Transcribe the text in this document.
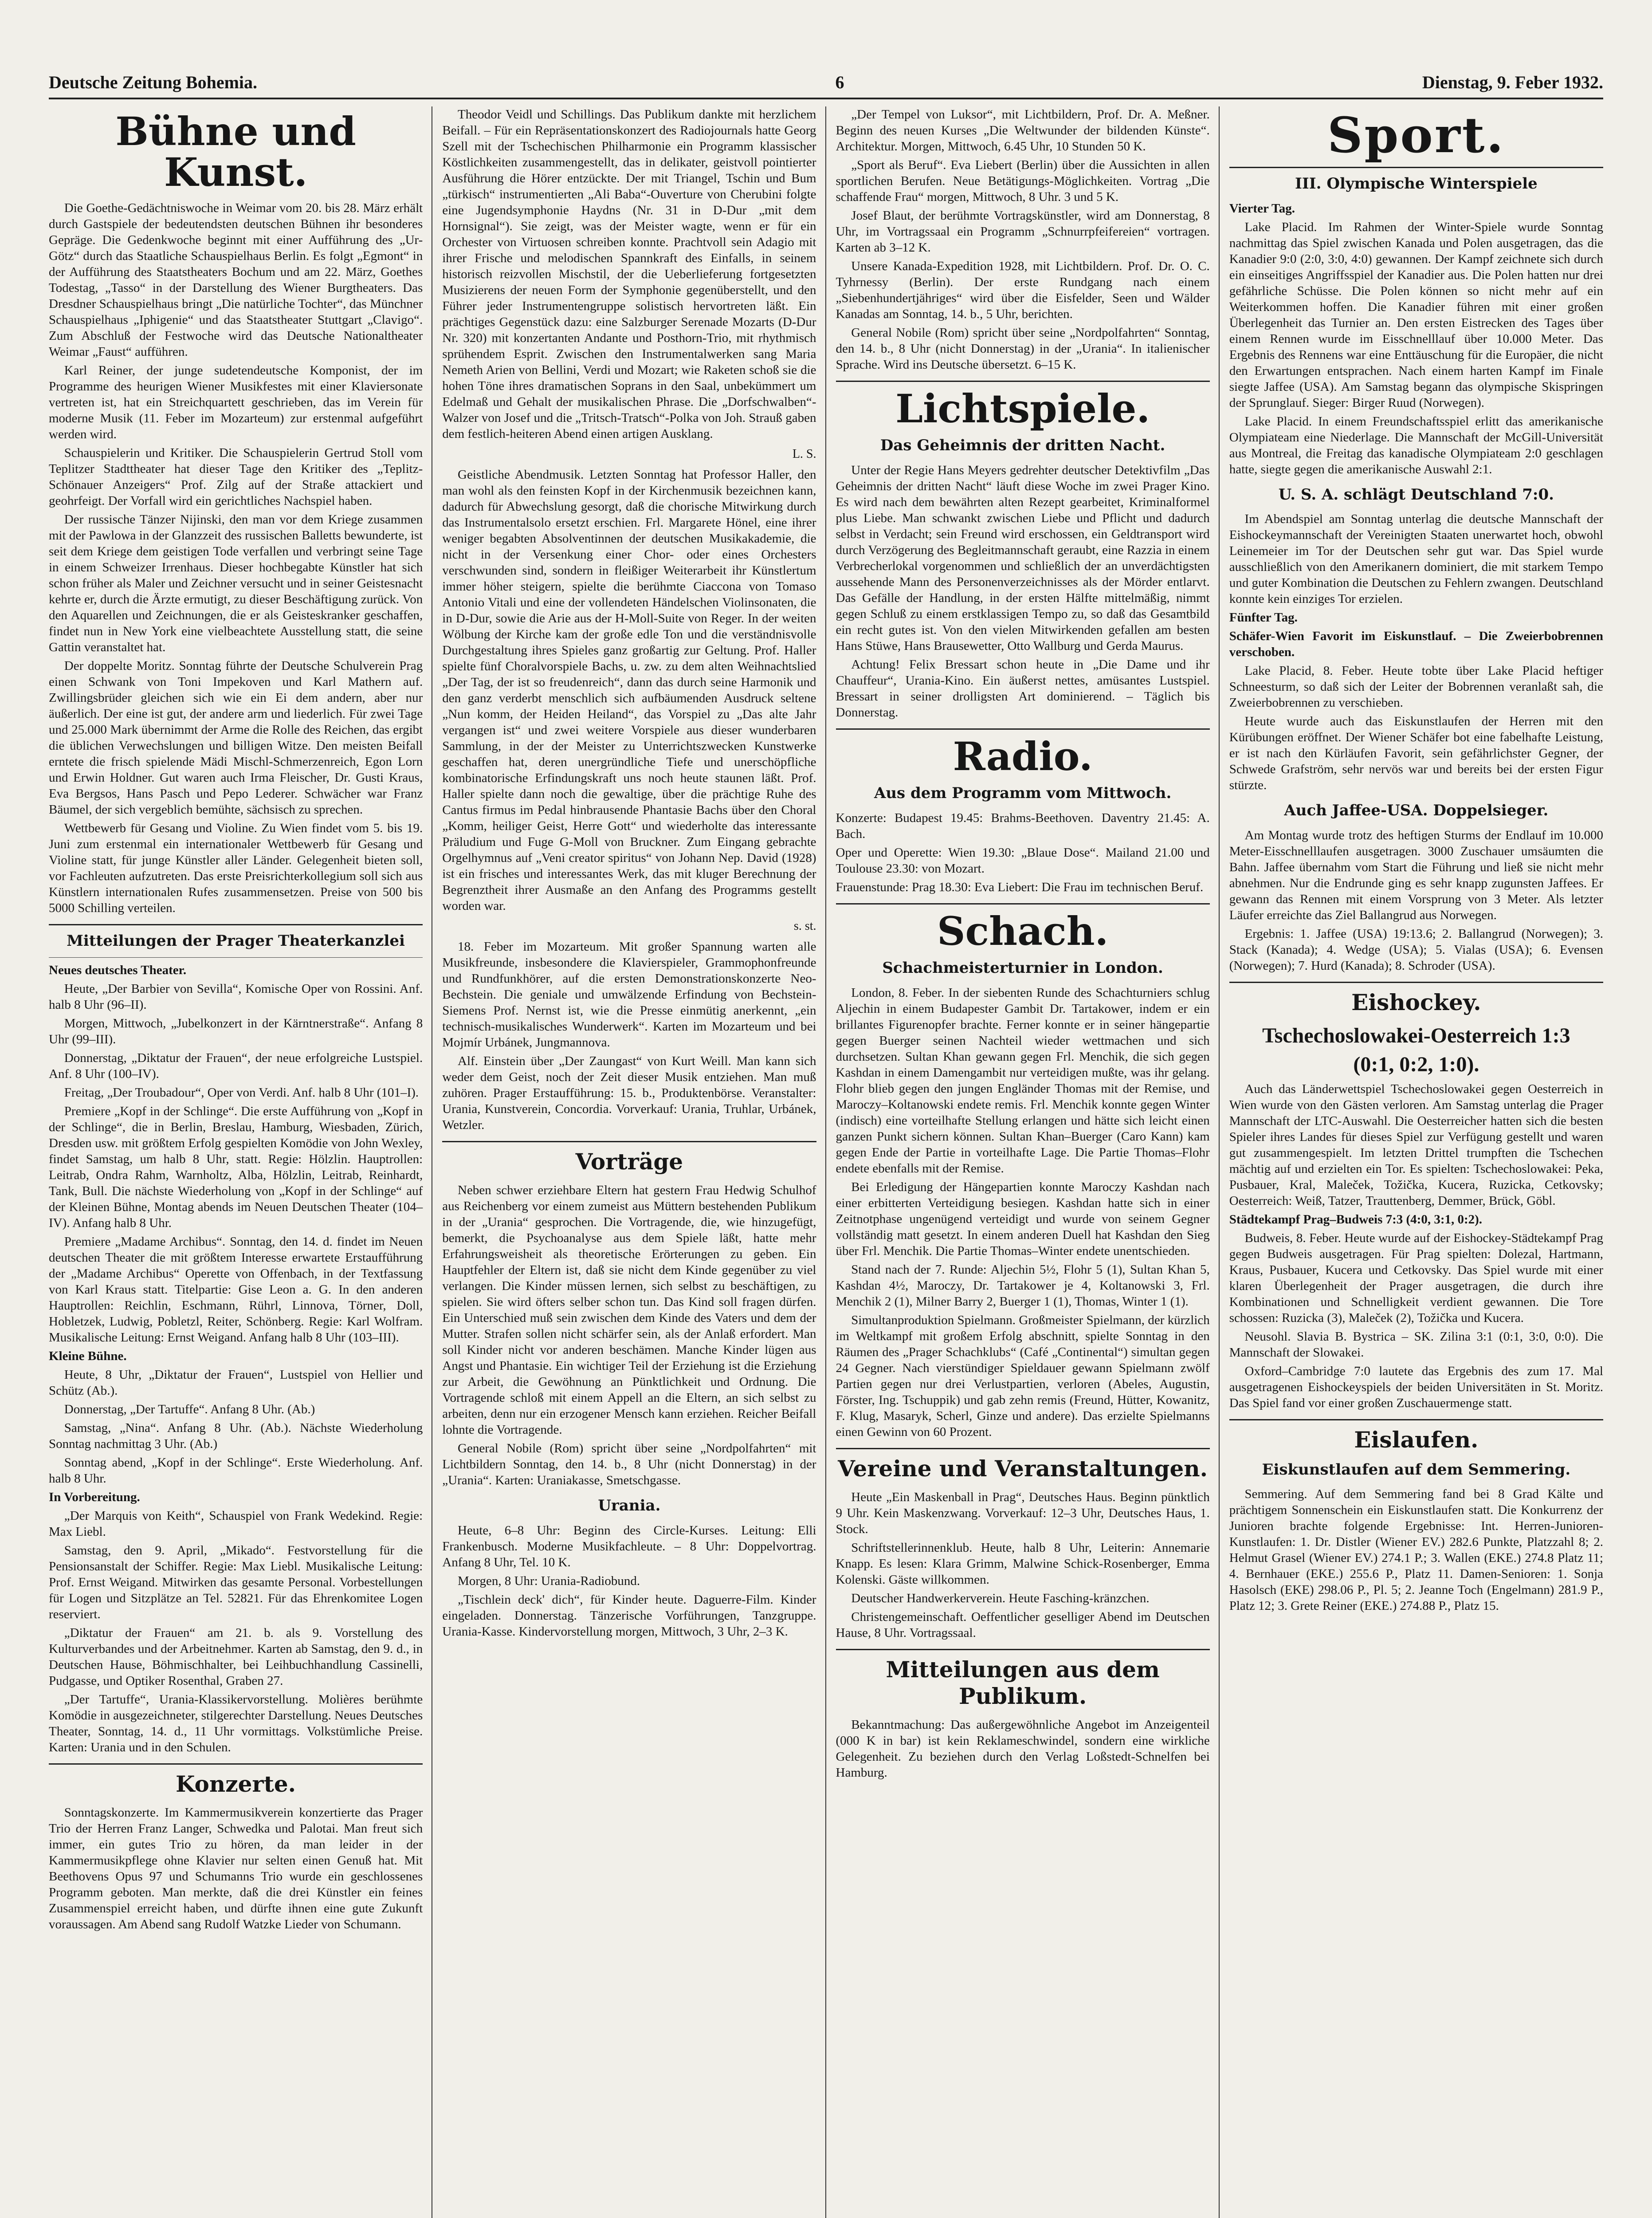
Deutsche Zeitung Bohemia.	6	Dienstag, 9. Feber 1932.
Bühne und Kunst.

Die Goethe-Gedächtniswoche in Weimar vom 20. bis 28. März erhält durch Gastspiele der bedeutendsten deutschen Bühnen ihr besonderes Gepräge. Die Gedenkwoche beginnt mit einer Aufführung des „Ur-Götz“ durch das Staatliche Schauspielhaus Berlin. Es folgt „Egmont“ in der Aufführung des Staatstheaters Bochum und am 22. März, Goethes Todestag, „Tasso“ in der Darstellung des Wiener Burgtheaters. Das Dresdner Schauspielhaus bringt „Die natürliche Tochter“, das Münchner Schauspielhaus „Iphigenie“ und das Staatstheater Stuttgart „Clavigo“. Zum Abschluß der Festwoche wird das Deutsche Nationaltheater Weimar „Faust“ aufführen.

Karl Reiner, der junge sudetendeutsche Komponist, der im Programme des heurigen Wiener Musikfestes mit einer Klaviersonate vertreten ist, hat ein Streichquartett geschrieben, das im Verein für moderne Musik (11. Feber im Mozarteum) zur erstenmal aufgeführt werden wird.

Schauspielerin und Kritiker. Die Schauspielerin Gertrud Stoll vom Teplitzer Stadttheater hat dieser Tage den Kritiker des „Teplitz-Schönauer Anzeigers“ Prof. Zilg auf der Straße attackiert und geohrfeigt. Der Vorfall wird ein gerichtliches Nachspiel haben.

Der russische Tänzer Nijinski, den man vor dem Kriege zusammen mit der Pawlowa in der Glanzzeit des russischen Balletts bewunderte, ist seit dem Kriege dem geistigen Tode verfallen und verbringt seine Tage in einem Schweizer Irrenhaus. Dieser hochbegabte Künstler hat sich schon früher als Maler und Zeichner versucht und in seiner Geistesnacht kehrte er, durch die Ärzte ermutigt, zu dieser Beschäftigung zurück. Von den Aquarellen und Zeichnungen, die er als Geisteskranker geschaffen, findet nun in New York eine vielbeachtete Ausstellung statt, die seine Gattin veranstaltet hat.

Der doppelte Moritz. Sonntag führte der Deutsche Schulverein Prag einen Schwank von Toni Impekoven und Karl Mathern auf. Zwillingsbrüder gleichen sich wie ein Ei dem andern, aber nur äußerlich. Der eine ist gut, der andere arm und liederlich. Für zwei Tage und 25.000 Mark übernimmt der Arme die Rolle des Reichen, das ergibt die üblichen Verwechslungen und billigen Witze. Den meisten Beifall erntete die frisch spielende Mädi Mischl-Schmerzenreich, Egon Lorn und Erwin Holdner. Gut waren auch Irma Fleischer, Dr. Gusti Kraus, Eva Bergsos, Hans Pasch und Pepo Lederer. Schwächer war Franz Bäumel, der sich vergeblich bemühte, sächsisch zu sprechen.

Wettbewerb für Gesang und Violine. Zu Wien findet vom 5. bis 19. Juni zum erstenmal ein internationaler Wettbewerb für Gesang und Violine statt, für junge Künstler aller Länder. Gelegenheit bieten soll, vor Fachleuten aufzutreten. Das erste Preisrichterkollegium soll sich aus Künstlern internationalen Rufes zusammensetzen. Preise von 500 bis 5000 Schilling verteilen.

Mitteilungen der Prager Theaterkanzlei

Neues deutsches Theater.

Heute, „Der Barbier von Sevilla“, Komische Oper von Rossini. Anf. halb 8 Uhr (96–II).

Morgen, Mittwoch, „Jubelkonzert in der Kärntnerstraße“. Anfang 8 Uhr (99–III).

Donnerstag, „Diktatur der Frauen“, der neue erfolgreiche Lustspiel. Anf. 8 Uhr (100–IV).

Freitag, „Der Troubadour“, Oper von Verdi. Anf. halb 8 Uhr (101–I).

Premiere „Kopf in der Schlinge“. Die erste Aufführung von „Kopf in der Schlinge“, die in Berlin, Breslau, Hamburg, Wiesbaden, Zürich, Dresden usw. mit größtem Erfolg gespielten Komödie von John Wexley, findet Samstag, um halb 8 Uhr, statt. Regie: Hölzlin. Hauptrollen: Leitrab, Ondra Rahm, Warnholtz, Alba, Hölzlin, Leitrab, Reinhardt, Tank, Bull. Die nächste Wiederholung von „Kopf in der Schlinge“ auf der Kleinen Bühne, Montag abends im Neuen Deutschen Theater (104–IV). Anfang halb 8 Uhr.

Premiere „Madame Archibus“. Sonntag, den 14. d. findet im Neuen deutschen Theater die mit größtem Interesse erwartete Erstaufführung der „Madame Archibus“ Operette von Offenbach, in der Textfassung von Karl Kraus statt. Titelpartie: Gise Leon a. G. In den anderen Hauptrollen: Reichlin, Eschmann, Rührl, Linnova, Törner, Doll, Hobletzek, Ludwig, Pobletzl, Reiter, Schönberg. Regie: Karl Wolfram. Musikalische Leitung: Ernst Weigand. Anfang halb 8 Uhr (103–III).

Kleine Bühne.

Heute, 8 Uhr, „Diktatur der Frauen“, Lustspiel von Hellier und Schütz (Ab.).

Donnerstag, „Der Tartuffe“. Anfang 8 Uhr. (Ab.)

Samstag, „Nina“. Anfang 8 Uhr. (Ab.). Nächste Wiederholung Sonntag nachmittag 3 Uhr. (Ab.)

Sonntag abend, „Kopf in der Schlinge“. Erste Wiederholung. Anf. halb 8 Uhr.

In Vorbereitung.

„Der Marquis von Keith“, Schauspiel von Frank Wedekind. Regie: Max Liebl.

Samstag, den 9. April, „Mikado“. Festvorstellung für die Pensionsanstalt der Schiffer. Regie: Max Liebl. Musikalische Leitung: Prof. Ernst Weigand. Mitwirken das gesamte Personal. Vorbestellungen für Logen und Sitzplätze an Tel. 52821. Für das Ehrenkomitee Logen reserviert.

„Diktatur der Frauen“ am 21. b. als 9. Vorstellung des Kulturverbandes und der Arbeitnehmer. Karten ab Samstag, den 9. d., in Deutschen Hause, Böhmischhalter, bei Leihbuchhandlung Cassinelli, Pudgasse, und Optiker Rosenthal, Graben 27.

„Der Tartuffe“, Urania-Klassikervorstellung. Molières berühmte Komödie in ausgezeichneter, stilgerechter Darstellung. Neues Deutsches Theater, Sonntag, 14. d., 11 Uhr vormittags. Volkstümliche Preise. Karten: Urania und in den Schulen.

Konzerte.

Sonntagskonzerte. Im Kammermusikverein konzertierte das Prager Trio der Herren Franz Langer, Schwedka und Palotai. Man freut sich immer, ein gutes Trio zu hören, da man leider in der Kammermusikpflege ohne Klavier nur selten einen Genuß hat. Mit Beethovens Opus 97 und Schumanns Trio wurde ein geschlossenes Programm geboten. Man merkte, daß die drei Künstler ein feines Zusammenspiel erreicht haben, und dürfte ihnen eine gute Zukunft voraussagen. Am Abend sang Rudolf Watzke Lieder von Schumann.

Theodor Veidl und Schillings. Das Publikum dankte mit herzlichem Beifall. – Für ein Repräsentationskonzert des Radiojournals hatte Georg Szell mit der Tschechischen Philharmonie ein Programm klassischer Köstlichkeiten zusammengestellt, das in delikater, geistvoll pointierter Ausführung die Hörer entzückte. Der mit Triangel, Tschin und Bum „türkisch“ instrumentierten „Ali Baba“-Ouverture von Cherubini folgte eine Jugendsymphonie Haydns (Nr. 31 in D-Dur „mit dem Hornsignal“). Sie zeigt, was der Meister wagte, wenn er für ein Orchester von Virtuosen schreiben konnte. Prachtvoll sein Adagio mit ihrer Frische und melodischen Spannkraft des Einfalls, in seinem historisch reizvollen Mischstil, der die Ueberlieferung fortgesetzten Musizierens der neuen Form der Symphonie gegenüberstellt, und den Führer jeder Instrumentengruppe solistisch hervortreten läßt. Ein prächtiges Gegenstück dazu: eine Salzburger Serenade Mozarts (D-Dur Nr. 320) mit konzertanten Andante und Posthorn-Trio, mit rhythmisch sprühendem Esprit. Zwischen den Instrumentalwerken sang Maria Nemeth Arien von Bellini, Verdi und Mozart; wie Raketen schoß sie die hohen Töne ihres dramatischen Soprans in den Saal, unbekümmert um Edelmaß und Gehalt der musikalischen Phrase. Die „Dorfschwalben“-Walzer von Josef und die „Tritsch-Tratsch“-Polka von Joh. Strauß gaben dem festlich-heiteren Abend einen artigen Ausklang.

L. S.

Geistliche Abendmusik. Letzten Sonntag hat Professor Haller, den man wohl als den feinsten Kopf in der Kirchenmusik bezeichnen kann, dadurch für Abwechslung gesorgt, daß die chorische Mitwirkung durch das Instrumentalsolo ersetzt erschien. Frl. Margarete Hönel, eine ihrer weniger begabten Absolventinnen der deutschen Musikakademie, die nicht in der Versenkung einer Chor- oder eines Orchesters verschwunden sind, sondern in fleißiger Weiterarbeit ihr Künstlertum immer höher steigern, spielte die berühmte Ciaccona von Tomaso Antonio Vitali und eine der vollendeten Händelschen Violinsonaten, die in D-Dur, sowie die Arie aus der H-Moll-Suite von Reger. In der weiten Wölbung der Kirche kam der große edle Ton und die verständnisvolle Durchgestaltung ihres Spieles ganz großartig zur Geltung. Prof. Haller spielte fünf Choralvorspiele Bachs, u. zw. zu dem alten Weihnachtslied „Der Tag, der ist so freudenreich“, dann das durch seine Harmonik und den ganz verderbt menschlich sich aufbäumenden Ausdruck seltene „Nun komm, der Heiden Heiland“, das Vorspiel zu „Das alte Jahr vergangen ist“ und zwei weitere Vorspiele aus dieser wunderbaren Sammlung, in der der Meister zu Unterrichtszwecken Kunstwerke geschaffen hat, deren unergründliche Tiefe und unerschöpfliche kombinatorische Erfindungskraft uns noch heute staunen läßt. Prof. Haller spielte dann noch die gewaltige, über die prächtige Ruhe des Cantus firmus im Pedal hinbrausende Phantasie Bachs über den Choral „Komm, heiliger Geist, Herre Gott“ und wiederholte das interessante Präludium und Fuge G-Moll von Bruckner. Zum Eingang gebrachte Orgelhymnus auf „Veni creator spiritus“ von Johann Nep. David (1928) ist ein frisches und interessantes Werk, das mit kluger Berechnung der Begrenztheit ihrer Ausmaße an den Anfang des Programms gestellt worden war.

s. st.

18. Feber im Mozarteum. Mit großer Spannung warten alle Musikfreunde, insbesondere die Klavierspieler, Grammophonfreunde und Rundfunkhörer, auf die ersten Demonstrationskonzerte Neo-Bechstein. Die geniale und umwälzende Erfindung von Bechstein-Siemens Prof. Nernst ist, wie die Presse einmütig anerkennt, „ein technisch-musikalisches Wunderwerk“. Karten im Mozarteum und bei Mojmír Urbánek, Jungmannova.

Alf. Einstein über „Der Zaungast“ von Kurt Weill. Man kann sich weder dem Geist, noch der Zeit dieser Musik entziehen. Man muß zuhören. Prager Erstaufführung: 15. b., Produktenbörse. Veranstalter: Urania, Kunstverein, Concordia. Vorverkauf: Urania, Truhlar, Urbánek, Wetzler.

Vorträge

Neben schwer erziehbare Eltern hat gestern Frau Hedwig Schulhof aus Reichenberg vor einem zumeist aus Müttern bestehenden Publikum in der „Urania“ gesprochen. Die Vortragende, die, wie hinzugefügt, bemerkt, die Psychoanalyse aus dem Spiele läßt, hatte mehr Erfahrungsweisheit als theoretische Erörterungen zu geben. Ein Hauptfehler der Eltern ist, daß sie nicht dem Kinde gegenüber zu viel verlangen. Die Kinder müssen lernen, sich selbst zu beschäftigen, zu spielen. Sie wird öfters selber schon tun. Das Kind soll fragen dürfen. Ein Unterschied muß sein zwischen dem Kinde des Vaters und dem der Mutter. Strafen sollen nicht schärfer sein, als der Anlaß erfordert. Man soll Kinder nicht vor anderen beschämen. Manche Kinder lügen aus Angst und Phantasie. Ein wichtiger Teil der Erziehung ist die Erziehung zur Arbeit, die Gewöhnung an Pünktlichkeit und Ordnung. Die Vortragende schloß mit einem Appell an die Eltern, an sich selbst zu arbeiten, denn nur ein erzogener Mensch kann erziehen. Reicher Beifall lohnte die Vortragende.

General Nobile (Rom) spricht über seine „Nordpolfahrten“ mit Lichtbildern Sonntag, den 14. b., 8 Uhr (nicht Donnerstag) in der „Urania“. Karten: Uraniakasse, Smetschgasse.

Urania.

Heute, 6–8 Uhr: Beginn des Circle-Kurses. Leitung: Elli Frankenbusch. Moderne Musikfachleute. – 8 Uhr: Doppelvortrag. Anfang 8 Uhr, Tel. 10 K.

Morgen, 8 Uhr: Urania-Radiobund.

„Tischlein deck' dich“, für Kinder heute. Daguerre-Film. Kinder eingeladen. Donnerstag. Tänzerische Vorführungen, Tanzgruppe. Urania-Kasse. Kindervorstellung morgen, Mittwoch, 3 Uhr, 2–3 K.

„Der Tempel von Luksor“, mit Lichtbildern, Prof. Dr. A. Meßner. Beginn des neuen Kurses „Die Weltwunder der bildenden Künste“. Architektur. Morgen, Mittwoch, 6.45 Uhr, 10 Stunden 50 K.

„Sport als Beruf“. Eva Liebert (Berlin) über die Aussichten in allen sportlichen Berufen. Neue Betätigungs-Möglichkeiten. Vortrag „Die schaffende Frau“ morgen, Mittwoch, 8 Uhr. 3 und 5 K.

Josef Blaut, der berühmte Vortragskünstler, wird am Donnerstag, 8 Uhr, im Vortragssaal ein Programm „Schnurrpfeifereien“ vortragen. Karten ab 3–12 K.

Unsere Kanada-Expedition 1928, mit Lichtbildern. Prof. Dr. O. C. Tyhrnessy (Berlin). Der erste Rundgang nach einem „Siebenhundertjähriges“ wird über die Eisfelder, Seen und Wälder Kanadas am Sonntag, 14. b., 5 Uhr, berichten.

General Nobile (Rom) spricht über seine „Nordpolfahrten“ Sonntag, den 14. b., 8 Uhr (nicht Donnerstag) in der „Urania“. In italienischer Sprache. Wird ins Deutsche übersetzt. 6–15 K.

Lichtspiele.
Das Geheimnis der dritten Nacht.

Unter der Regie Hans Meyers gedrehter deutscher Detektivfilm „Das Geheimnis der dritten Nacht“ läuft diese Woche im zwei Prager Kino. Es wird nach dem bewährten alten Rezept gearbeitet, Kriminalformel plus Liebe. Man schwankt zwischen Liebe und Pflicht und dadurch selbst in Verdacht; sein Freund wird erschossen, ein Geldtransport wird durch Verzögerung des Begleitmannschaft geraubt, eine Razzia in einem Verbrecherlokal vorgenommen und schließlich der an unverdächtigsten aussehende Mann des Personenverzeichnisses als der Mörder entlarvt. Das Gefälle der Handlung, in der ersten Hälfte mittelmäßig, nimmt gegen Schluß zu einem erstklassigen Tempo zu, so daß das Gesamtbild ein recht gutes ist. Von den vielen Mitwirkenden gefallen am besten Hans Stüwe, Hans Brausewetter, Otto Wallburg und Gerda Maurus.

Achtung! Felix Bressart schon heute in „Die Dame und ihr Chauffeur“, Urania-Kino. Ein äußerst nettes, amüsantes Lustspiel. Bressart in seiner drolligsten Art dominierend. – Täglich bis Donnerstag.

Radio.
Aus dem Programm vom Mittwoch.

Konzerte: Budapest 19.45: Brahms-Beethoven. Daventry 21.45: A. Bach.

Oper und Operette: Wien 19.30: „Blaue Dose“. Mailand 21.00 und Toulouse 23.30: von Mozart.

Frauenstunde: Prag 18.30: Eva Liebert: Die Frau im technischen Beruf.

Schach.
Schachmeisterturnier in London.

London, 8. Feber. In der siebenten Runde des Schachturniers schlug Aljechin in einem Budapester Gambit Dr. Tartakower, indem er ein brillantes Figurenopfer brachte. Ferner konnte er in seiner hängepartie gegen Buerger seinen Nachteil wieder wettmachen und sich durchsetzen. Sultan Khan gewann gegen Frl. Menchik, die sich gegen Kashdan in einem Damengambit nur verteidigen mußte, was ihr gelang. Flohr blieb gegen den jungen Engländer Thomas mit der Remise, und Maroczy–Koltanowski endete remis. Frl. Menchik konnte gegen Winter (indisch) eine vorteilhafte Stellung erlangen und hätte sich leicht einen ganzen Punkt sichern können. Sultan Khan–Buerger (Caro Kann) kam gegen Ende der Partie in vorteilhafte Lage. Die Partie Thomas–Flohr endete ebenfalls mit der Remise.

Bei Erledigung der Hängepartien konnte Maroczy Kashdan nach einer erbitterten Verteidigung besiegen. Kashdan hatte sich in einer Zeitnotphase ungenügend verteidigt und wurde von seinem Gegner vollständig matt gesetzt. In einem anderen Duell hat Kashdan den Sieg über Frl. Menchik. Die Partie Thomas–Winter endete unentschieden.

Stand nach der 7. Runde: Aljechin 5½, Flohr 5 (1), Sultan Khan 5, Kashdan 4½, Maroczy, Dr. Tartakower je 4, Koltanowski 3, Frl. Menchik 2 (1), Milner Barry 2, Buerger 1 (1), Thomas, Winter 1 (1).

Simultanproduktion Spielmann. Großmeister Spielmann, der kürzlich im Weltkampf mit großem Erfolg abschnitt, spielte Sonntag in den Räumen des „Prager Schachklubs“ (Café „Continental“) simultan gegen 24 Gegner. Nach vierstündiger Spieldauer gewann Spielmann zwölf Partien gegen nur drei Verlustpartien, verloren (Abeles, Augustin, Förster, Ing. Tschuppik) und gab zehn remis (Freund, Hütter, Kowanitz, F. Klug, Masaryk, Scherl, Ginze und andere). Das erzielte Spielmanns einen Gewinn von 60 Prozent.

Vereine und Veranstaltungen.

Heute „Ein Maskenball in Prag“, Deutsches Haus. Beginn pünktlich 9 Uhr. Kein Maskenzwang. Vorverkauf: 12–3 Uhr, Deutsches Haus, 1. Stock.

Schriftstellerinnenklub. Heute, halb 8 Uhr, Leiterin: Annemarie Knapp. Es lesen: Klara Grimm, Malwine Schick-Rosenberger, Emma Kolenski. Gäste willkommen.

Deutscher Handwerkerverein. Heute Fasching-kränzchen.

Christengemeinschaft. Oeffentlicher geselliger Abend im Deutschen Hause, 8 Uhr. Vortragssaal.

Mitteilungen aus dem Publikum.

Bekanntmachung: Das außergewöhnliche Angebot im Anzeigenteil (000 K in bar) ist kein Reklameschwindel, sondern eine wirkliche Gelegenheit. Zu beziehen durch den Verlag Loßstedt-Schnelfen bei Hamburg.

Sport.
III. Olympische Winterspiele

Vierter Tag.

Lake Placid. Im Rahmen der Winter-Spiele wurde Sonntag nachmittag das Spiel zwischen Kanada und Polen ausgetragen, das die Kanadier 9:0 (2:0, 3:0, 4:0) gewannen. Der Kampf zeichnete sich durch ein einseitiges Angriffsspiel der Kanadier aus. Die Polen hatten nur drei gefährliche Schüsse. Die Polen können so nicht mehr auf ein Weiterkommen hoffen. Die Kanadier führen mit einer großen Überlegenheit das Turnier an. Den ersten Eistrecken des Tages über einem Rennen wurde im Eisschnelllauf über 10.000 Meter. Das Ergebnis des Rennens war eine Enttäuschung für die Europäer, die nicht den Erwartungen entsprachen. Nach einem harten Kampf im Finale siegte Jaffee (USA). Am Samstag begann das olympische Skispringen der Sprunglauf. Sieger: Birger Ruud (Norwegen).

Lake Placid. In einem Freundschaftsspiel erlitt das amerikanische Olympiateam eine Niederlage. Die Mannschaft der McGill-Universität aus Montreal, die Freitag das kanadische Olympiateam 2:0 geschlagen hatte, siegte gegen die amerikanische Auswahl 2:1.

U. S. A. schlägt Deutschland 7:0.

Im Abendspiel am Sonntag unterlag die deutsche Mannschaft der Eishockeymannschaft der Vereinigten Staaten unerwartet hoch, obwohl Leinemeier im Tor der Deutschen sehr gut war. Das Spiel wurde ausschließlich von den Amerikanern dominiert, die mit starkem Tempo und guter Kombination die Deutschen zu Fehlern zwangen. Deutschland konnte kein einziges Tor erzielen.

Fünfter Tag.

Schäfer-Wien Favorit im Eiskunstlauf. – Die Zweierbobrennen verschoben.

Lake Placid, 8. Feber. Heute tobte über Lake Placid heftiger Schneesturm, so daß sich der Leiter der Bobrennen veranlaßt sah, die Zweierbobrennen zu verschieben.

Heute wurde auch das Eiskunstlaufen der Herren mit den Kürübungen eröffnet. Der Wiener Schäfer bot eine fabelhafte Leistung, er ist nach den Kürläufen Favorit, sein gefährlichster Gegner, der Schwede Grafström, sehr nervös war und bereits bei der ersten Figur stürzte.

Auch Jaffee-USA. Doppelsieger.

Am Montag wurde trotz des heftigen Sturms der Endlauf im 10.000 Meter-Eisschnelllaufen ausgetragen. 3000 Zuschauer umsäumten die Bahn. Jaffee übernahm vom Start die Führung und ließ sie nicht mehr abnehmen. Nur die Endrunde ging es sehr knapp zugunsten Jaffees. Er gewann das Rennen mit einem Vorsprung von 3 Meter. Als letzter Läufer erreichte das Ziel Ballangrud aus Norwegen.

Ergebnis: 1. Jaffee (USA) 19:13.6; 2. Ballangrud (Norwegen); 3. Stack (Kanada); 4. Wedge (USA); 5. Vialas (USA); 6. Evensen (Norwegen); 7. Hurd (Kanada); 8. Schroder (USA).

Eishockey.
Tschechoslowakei-Oesterreich 1:3
(0:1, 0:2, 1:0).

Auch das Länderwettspiel Tschechoslowakei gegen Oesterreich in Wien wurde von den Gästen verloren. Am Samstag unterlag die Prager Mannschaft der LTC-Auswahl. Die Oesterreicher hatten sich die besten Spieler ihres Landes für dieses Spiel zur Verfügung gestellt und waren gut zusammengespielt. Im letzten Drittel trumpften die Tschechen mächtig auf und erzielten ein Tor. Es spielten: Tschechoslowakei: Peka, Pusbauer, Kral, Maleček, Tožička, Kucera, Ruzicka, Cetkovsky; Oesterreich: Weiß, Tatzer, Trauttenberg, Demmer, Brück, Göbl.

Städtekampf Prag–Budweis 7:3 (4:0, 3:1, 0:2).

Budweis, 8. Feber. Heute wurde auf der Eishockey-Städtekampf Prag gegen Budweis ausgetragen. Für Prag spielten: Dolezal, Hartmann, Kraus, Pusbauer, Kucera und Cetkovsky. Das Spiel wurde mit einer klaren Überlegenheit der Prager ausgetragen, die durch ihre Kombinationen und Schnelligkeit verdient gewannen. Die Tore schossen: Ruzicka (3), Maleček (2), Tožička und Kucera.

Neusohl. Slavia B. Bystrica – SK. Zilina 3:1 (0:1, 3:0, 0:0). Die Mannschaft der Slowakei.

Oxford–Cambridge 7:0 lautete das Ergebnis des zum 17. Mal ausgetragenen Eishockeyspiels der beiden Universitäten in St. Moritz. Das Spiel fand vor einer großen Zuschauermenge statt.

Eislaufen.
Eiskunstlaufen auf dem Semmering.

Semmering. Auf dem Semmering fand bei 8 Grad Kälte und prächtigem Sonnenschein ein Eiskunstlaufen statt. Die Konkurrenz der Junioren brachte folgende Ergebnisse: Int. Herren-Junioren-Kunstlaufen: 1. Dr. Distler (Wiener EV.) 282.6 Punkte, Platzzahl 8; 2. Helmut Grasel (Wiener EV.) 274.1 P.; 3. Wallen (EKE.) 274.8 Platz 11; 4. Bernhauer (EKE.) 255.6 P., Platz 11. Damen-Senioren: 1. Sonja Hasolsch (EKE) 298.06 P., Pl. 5; 2. Jeanne Toch (Engelmann) 281.9 P., Platz 12; 3. Grete Reiner (EKE.) 274.88 P., Platz 15.
